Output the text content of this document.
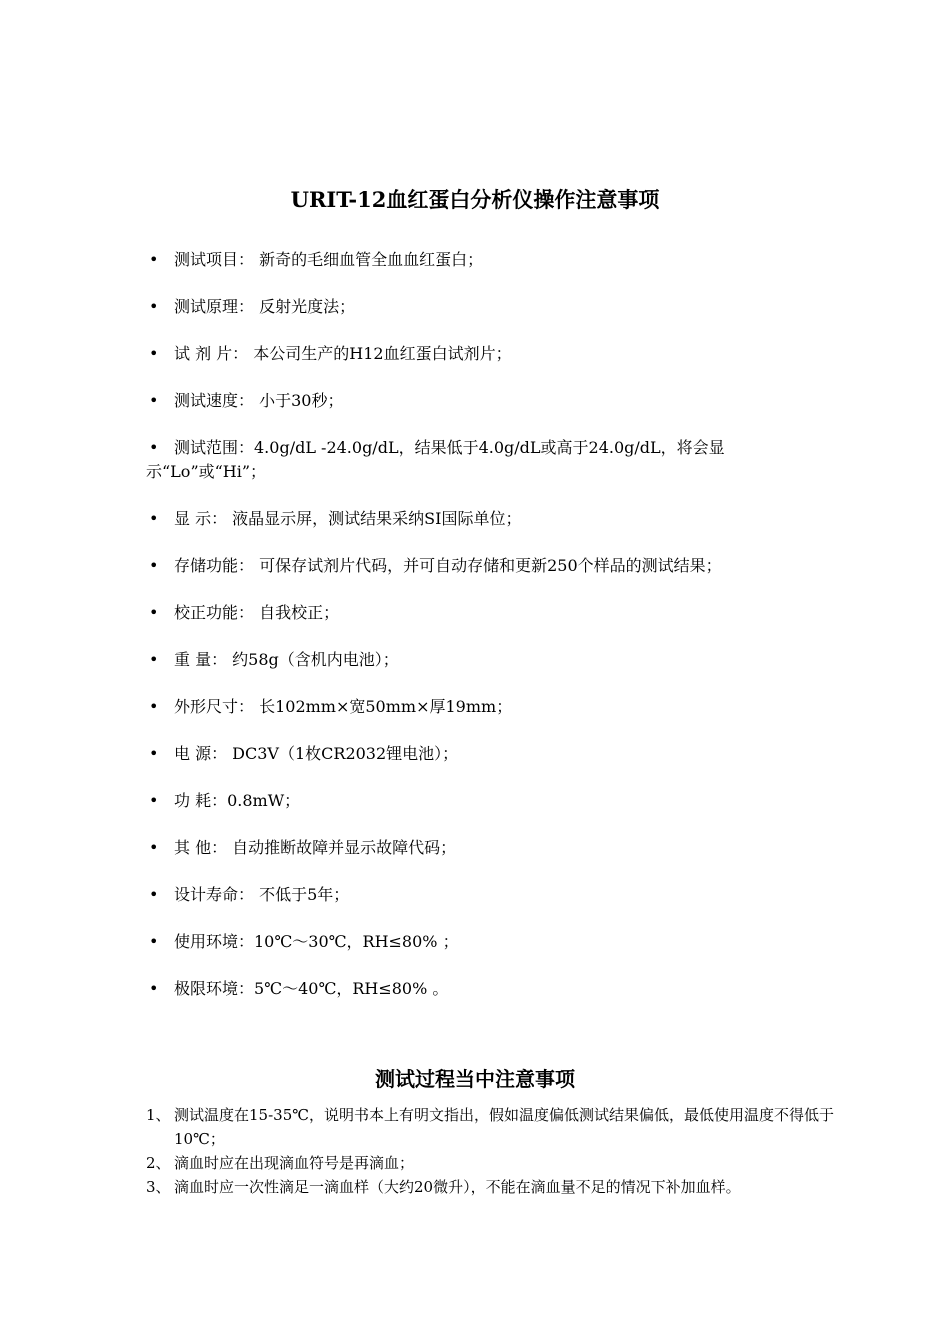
URIT-12血红蛋白分析仪操作注意事项
• 测试项目： 新奇的毛细血管全血血红蛋白；
• 测试原理： 反射光度法；
• 试 剂 片： 本公司生产的H12血红蛋白试剂片；
• 测试速度： 小于30秒；
• 测试范围：4.0g/dL -24.0g/dL，结果低于4.0g/dL或高于24.0g/dL，将会显示“Lo”或“Hi”；
• 显 示： 液晶显示屏，测试结果采纳SI国际单位；
• 存储功能： 可保存试剂片代码，并可自动存储和更新250个样品的测试结果；
• 校正功能： 自我校正；
• 重 量： 约58g（含机内电池）；
• 外形尺寸： 长102mm×宽50mm×厚19mm；
• 电 源： DC3V（1枚CR2032锂电池）；
• 功 耗：0.8mW；
• 其 他： 自动推断故障并显示故障代码；
• 设计寿命： 不低于5年；
• 使用环境：10℃～30℃，RH≤80% ；
• 极限环境：5℃～40℃，RH≤80% 。
测试过程当中注意事项
1、 测试温度在15-35℃，说明书本上有明文指出，假如温度偏低测试结果偏低，最低使用温度不得低于10℃；
2、 滴血时应在出现滴血符号是再滴血；
3、 滴血时应一次性滴足一滴血样（大约20微升），不能在滴血量不足的情况下补加血样。
